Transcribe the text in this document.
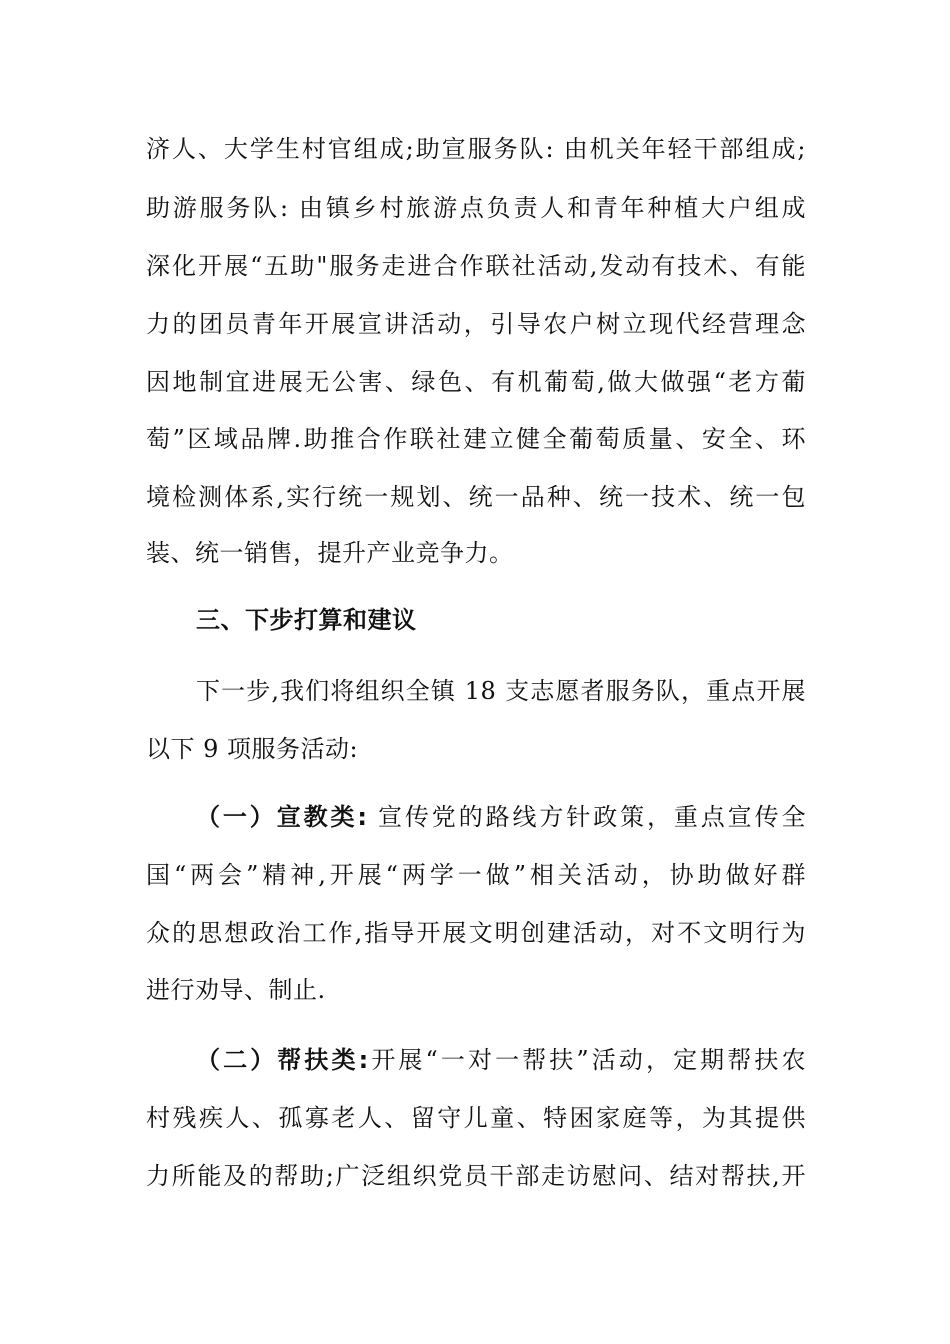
济人、大学生村官组成;助宣服务队: 由机关年轻干部组成;
助游服务队: 由镇乡村旅游点负责人和青年种植大户组成
深化开展“五助"服务走进合作联社活动,发动有技术、有能
力的团员青年开展宣讲活动，引导农户树立现代经营理念
因地制宜进展无公害、绿色、有机葡萄,做大做强“老方葡
萄”区域品牌.助推合作联社建立健全葡萄质量、安全、环
境检测体系,实行统一规划、统一品种、统一技术、统一包
装、统一销售，提升产业竞争力。
三、下步打算和建议
下一步,我们将组织全镇 18 支志愿者服务队，重点开展
以下 9 项服务活动:
（一）宣教类: 宣传党的路线方针政策，重点宣传全
国“两会”精神,开展“两学一做”相关活动，协助做好群
众的思想政治工作,指导开展文明创建活动，对不文明行为
进行劝导、制止.
（二）帮扶类:开展“一对一帮扶”活动，定期帮扶农
村残疾人、孤寡老人、留守儿童、特困家庭等，为其提供
力所能及的帮助;广泛组织党员干部走访慰问、结对帮扶,开
